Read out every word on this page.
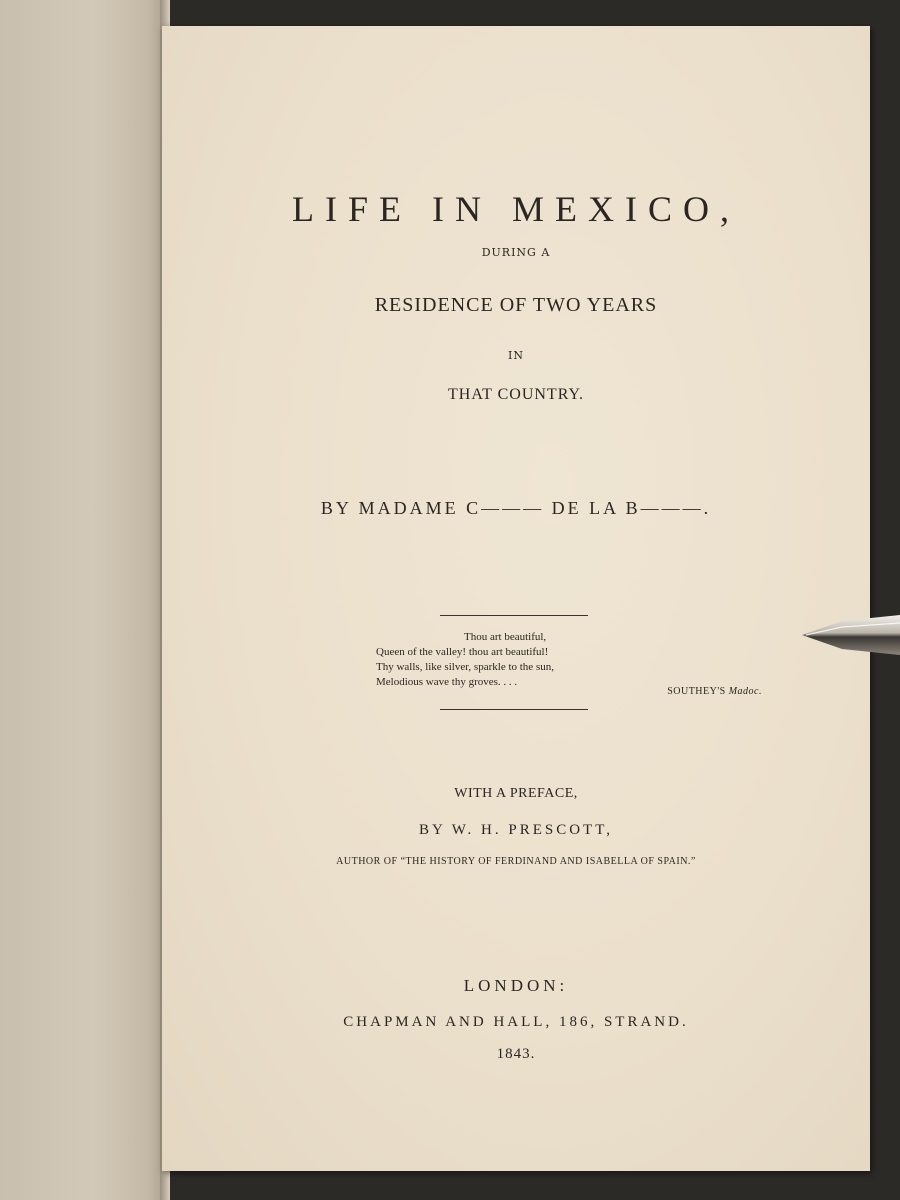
LIFE IN MEXICO,
DURING A
RESIDENCE OF TWO YEARS
IN
THAT COUNTRY.
BY MADAME C——— DE LA B———.
Thou art beautiful,
Queen of the valley! thou art beautiful!
Thy walls, like silver, sparkle to the sun,
Melodious wave thy groves. . . .
SOUTHEY'S Madoc.
WITH A PREFACE,
BY W. H. PRESCOTT,
AUTHOR OF “THE HISTORY OF FERDINAND AND ISABELLA OF SPAIN.”
LONDON:
CHAPMAN AND HALL, 186, STRAND.
1843.
